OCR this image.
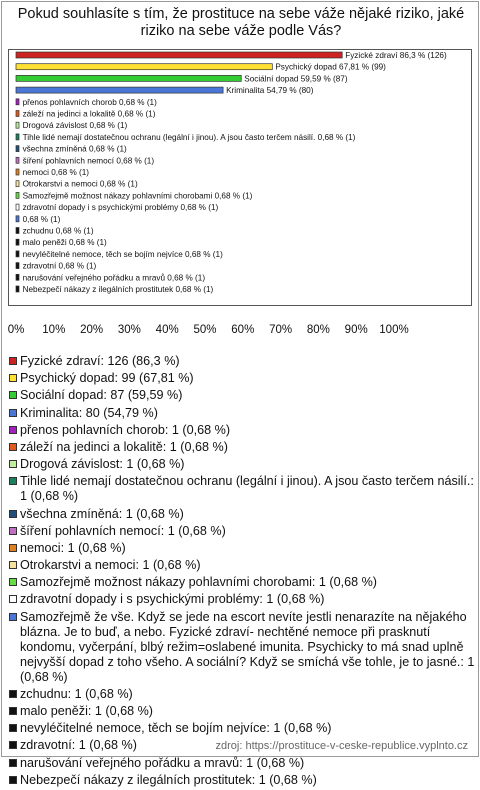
Pokud souhlasíte s tím, že prostituce na sebe váže nějaké riziko, jaké riziko na sebe váže podle Vás?
Fyzické zdraví 86,3 % (126)
Psychický dopad 67,81 % (99)
Sociální dopad 59,59 % (87)
Kriminalita 54,79 % (80)
přenos pohlavních chorob 0,68 % (1)
záleží na jedinci a lokalitě 0,68 % (1)
Drogová závislost 0,68 % (1)
Tihle lidé nemají dostatečnou ochranu (legální i jinou). A jsou často terčem násilí. 0,68 % (1)
všechna zmíněná 0,68 % (1)
šíření pohlavních nemocí 0,68 % (1)
nemoci 0,68 % (1)
Otrokarstvi a nemoci 0,68 % (1)
Samozřejmě možnost nákazy pohlavními chorobami 0,68 % (1)
zdravotní dopady i s psychickými problémy 0,68 % (1)
0,68 % (1)
zchudnu 0,68 % (1)
malo peněži 0,68 % (1)
nevyléčitelné nemoce, těch se bojím nejvíce 0,68 % (1)
zdravotní 0,68 % (1)
narušování veřejného pořádku a mravů 0,68 % (1)
Nebezpečí nákazy z ilegálních prostitutek 0,68 % (1)
0% 10% 20% 30% 40% 50% 60% 70% 80% 90% 100%
Fyzické zdraví: 126 (86,3 %)
Psychický dopad: 99 (67,81 %)
Sociální dopad: 87 (59,59 %)
Kriminalita: 80 (54,79 %)
přenos pohlavních chorob: 1 (0,68 %)
záleží na jedinci a lokalitě: 1 (0,68 %)
Drogová závislost: 1 (0,68 %)
Tihle lidé nemají dostatečnou ochranu (legální i jinou). A jsou často terčem násilí.: 1 (0,68 %)
všechna zmíněná: 1 (0,68 %)
šíření pohlavních nemocí: 1 (0,68 %)
nemoci: 1 (0,68 %)
Otrokarstvi a nemoci: 1 (0,68 %)
Samozřejmě možnost nákazy pohlavními chorobami: 1 (0,68 %)
zdravotní dopady i s psychickými problémy: 1 (0,68 %)
Samozřejmě že vše. Když se jede na escort nevíte jestli nenarazíte na nějakého blázna. Je to buď, a nebo. Fyzické zdraví- nechtěné nemoce při prasknutí kondomu, vyčerpání, blbý režim=oslabené imunita. Psychicky to má snad uplně nejvyšší dopad z toho všeho. A sociální? Když se smíchá vše tohle, je to jasné.: 1 (0,68 %)
zchudnu: 1 (0,68 %)
malo peněži: 1 (0,68 %)
nevyléčitelné nemoce, těch se bojím nejvíce: 1 (0,68 %)
zdravotní: 1 (0,68 %)
narušování veřejného pořádku a mravů: 1 (0,68 %)
Nebezpečí nákazy z ilegálních prostitutek: 1 (0,68 %)
zdroj: https://prostituce-v-ceske-republice.vyplnto.cz
